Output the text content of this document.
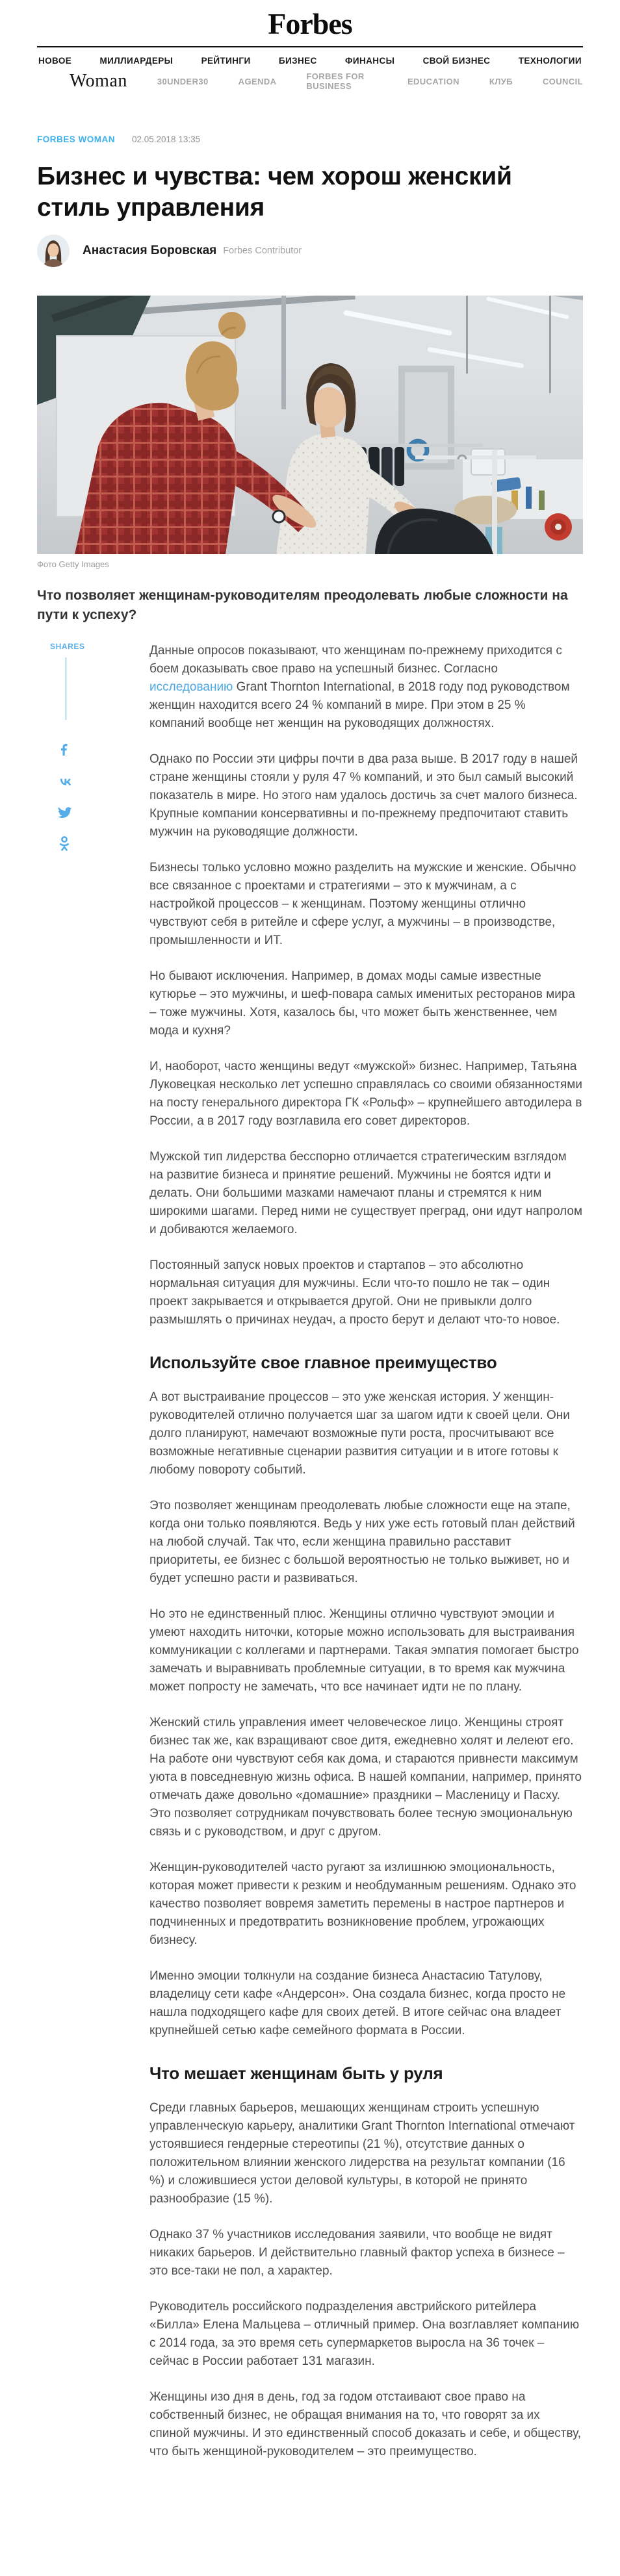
Forbes
НОВОЕ	МИЛЛИАРДЕРЫ	РЕЙТИНГИ	БИЗНЕС	ФИНАНСЫ	СВОЙ БИЗНЕС	ТЕХНОЛОГИИ
Woman	30UNDER30	AGENDA	FORBES FOR BUSINESS	EDUCATION	КЛУБ	COUNCIL
FORBES WOMAN 02.05.2018 13:35
Бизнес и чувства: чем хорош женский стиль управления
Анастасия Боровская Forbes Contributor
Фото Getty Images

Что позволяет женщинам-руководителям преодолевать любые сложности на пути к успеху?

SHARES	Данные опросов показывают, что женщинам по-прежнему приходится с боем доказывать свое право на успешный бизнес. Согласно исследованию Grant Thornton International, в 2018 году под руководством женщин находится всего 24 % компаний в мире. При этом в 25 % компаний вообще нет женщин на руководящих должностях.

Однако по России эти цифры почти в два раза выше. В 2017 году в нашей стране женщины стояли у руля 47 % компаний, и это был самый высокий показатель в мире. Но этого нам удалось достичь за счет малого бизнеса. Крупные компании консервативны и по-прежнему предпочитают ставить мужчин на руководящие должности.

Бизнесы только условно можно разделить на мужские и женские. Обычно все связанное с проектами и стратегиями – это к мужчинам, а с настройкой процессов – к женщинам. Поэтому женщины отлично чувствуют себя в ритейле и сфере услуг, а мужчины – в производстве, промышленности и ИТ.

Но бывают исключения. Например, в домах моды самые известные кутюрье – это мужчины, и шеф-повара самых именитых ресторанов мира – тоже мужчины. Хотя, казалось бы, что может быть женственнее, чем мода и кухня?

И, наоборот, часто женщины ведут «мужской» бизнес. Например, Татьяна Луковецкая несколько лет успешно справлялась со своими обязанностями на посту генерального директора ГК «Рольф» – крупнейшего автодилера в России, а в 2017 году возглавила его совет директоров.

Мужской тип лидерства бесспорно отличается стратегическим взглядом на развитие бизнеса и принятие решений. Мужчины не боятся идти и делать. Они большими мазками намечают планы и стремятся к ним широкими шагами. Перед ними не существует преград, они идут напролом и добиваются желаемого.

Постоянный запуск новых проектов и стартапов – это абсолютно нормальная ситуация для мужчины. Если что-то пошло не так – один проект закрывается и открывается другой. Они не привыкли долго размышлять о причинах неудач, а просто берут и делают что-то новое.

Используйте свое главное преимущество

А вот выстраивание процессов – это уже женская история. У женщин-руководителей отлично получается шаг за шагом идти к своей цели. Они долго планируют, намечают возможные пути роста, просчитывают все возможные негативные сценарии развития ситуации и в итоге готовы к любому повороту событий.

Это позволяет женщинам преодолевать любые сложности еще на этапе, когда они только появляются. Ведь у них уже есть готовый план действий на любой случай. Так что, если женщина правильно расставит приоритеты, ее бизнес с большой вероятностью не только выживет, но и будет успешно расти и развиваться.

Но это не единственный плюс. Женщины отлично чувствуют эмоции и умеют находить ниточки, которые можно использовать для выстраивания коммуникации с коллегами и партнерами. Такая эмпатия помогает быстро замечать и выравнивать проблемные ситуации, в то время как мужчина может попросту не замечать, что все начинает идти не по плану.

Женский стиль управления имеет человеческое лицо. Женщины строят бизнес так же, как взращивают свое дитя, ежедневно холят и лелеют его. На работе они чувствуют себя как дома, и стараются привнести максимум уюта в повседневную жизнь офиса. В нашей компании, например, принято отмечать даже довольно «домашние» праздники – Масленицу и Пасху. Это позволяет сотрудникам почувствовать более тесную эмоциональную связь и с руководством, и друг с другом.

Женщин-руководителей часто ругают за излишнюю эмоциональность, которая может привести к резким и необдуманным решениям. Однако это качество позволяет вовремя заметить перемены в настрое партнеров и подчиненных и предотвратить возникновение проблем, угрожающих бизнесу.

Именно эмоции толкнули на создание бизнеса Анастасию Татулову, владелицу сети кафе «Андерсон». Она создала бизнес, когда просто не нашла подходящего кафе для своих детей. В итоге сейчас она владеет крупнейшей сетью кафе семейного формата в России.

Что мешает женщинам быть у руля

Среди главных барьеров, мешающих женщинам строить успешную управленческую карьеру, аналитики Grant Thornton International отмечают устоявшиеся гендерные стереотипы (21 %), отсутствие данных о положительном влиянии женского лидерства на результат компании (16 %) и сложившиеся устои деловой культуры, в которой не принято разнообразие (15 %).

Однако 37 % участников исследования заявили, что вообще не видят никаких барьеров. И действительно главный фактор успеха в бизнесе – это все-таки не пол, а характер.

Руководитель российского подразделения австрийского ритейлера «Билла» Елена Мальцева – отличный пример. Она возглавляет компанию с 2014 года, за это время сеть супермаркетов выросла на 36 точек – сейчас в России работает 131 магазин.

Женщины изо дня в день, год за годом отстаивают свое право на собственный бизнес, не обращая внимания на то, что говорят за их спиной мужчины. И это единственный способ доказать и себе, и обществу, что быть женщиной-руководителем – это преимущество.
